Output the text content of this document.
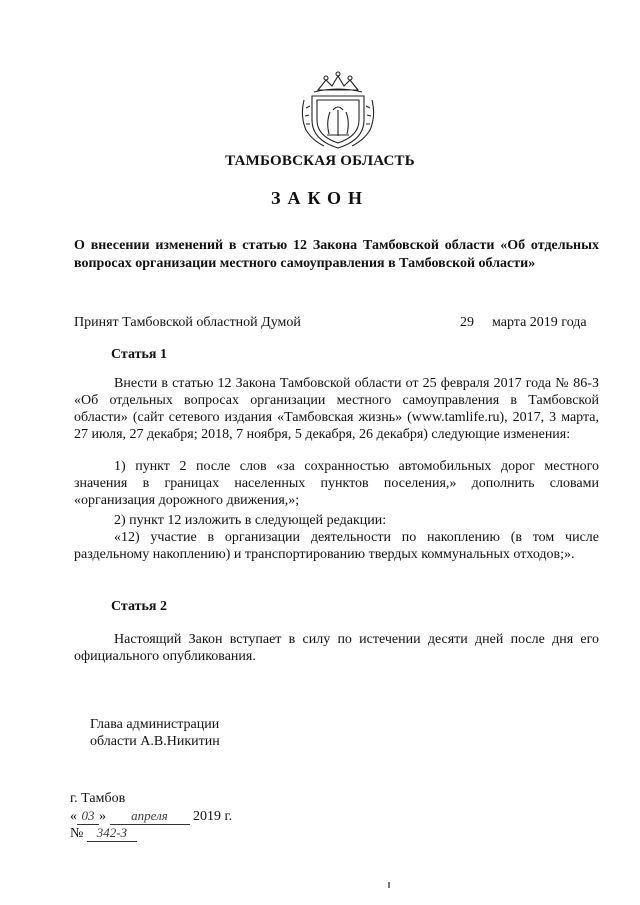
ТАМБОВСКАЯ ОБЛАСТЬ
ЗАКОН
О внесении изменений в статью 12 Закона Тамбовской области «Об отдельных вопросах организации местного самоуправления в Тамбовской области»
Принят Тамбовской областной Думой	29 марта 2019 года
Статья 1
Внести в статью 12 Закона Тамбовской области от 25 февраля 2017 года № 86-З «Об отдельных вопросах организации местного самоуправления в Тамбовской области» (сайт сетевого издания «Тамбовская жизнь» (www.tamlife.ru), 2017, 3 марта, 27 июля, 27 декабря; 2018, 7 ноября, 5 декабря, 26 декабря) следующие изменения:
1) пункт 2 после слов «за сохранностью автомобильных дорог местного значения в границах населенных пунктов поселения,» дополнить словами «организация дорожного движения,»;
2) пункт 12 изложить в следующей редакции:
«12) участие в организации деятельности по накоплению (в том числе раздельному накоплению) и транспортированию твердых коммунальных отходов;».
Статья 2
Настоящий Закон вступает в силу по истечении десяти дней после дня его официального опубликования.
Глава администрации
области А.В.Никитин
г. Тамбов
« 03 » апреля 2019 г.
№ 342-З
